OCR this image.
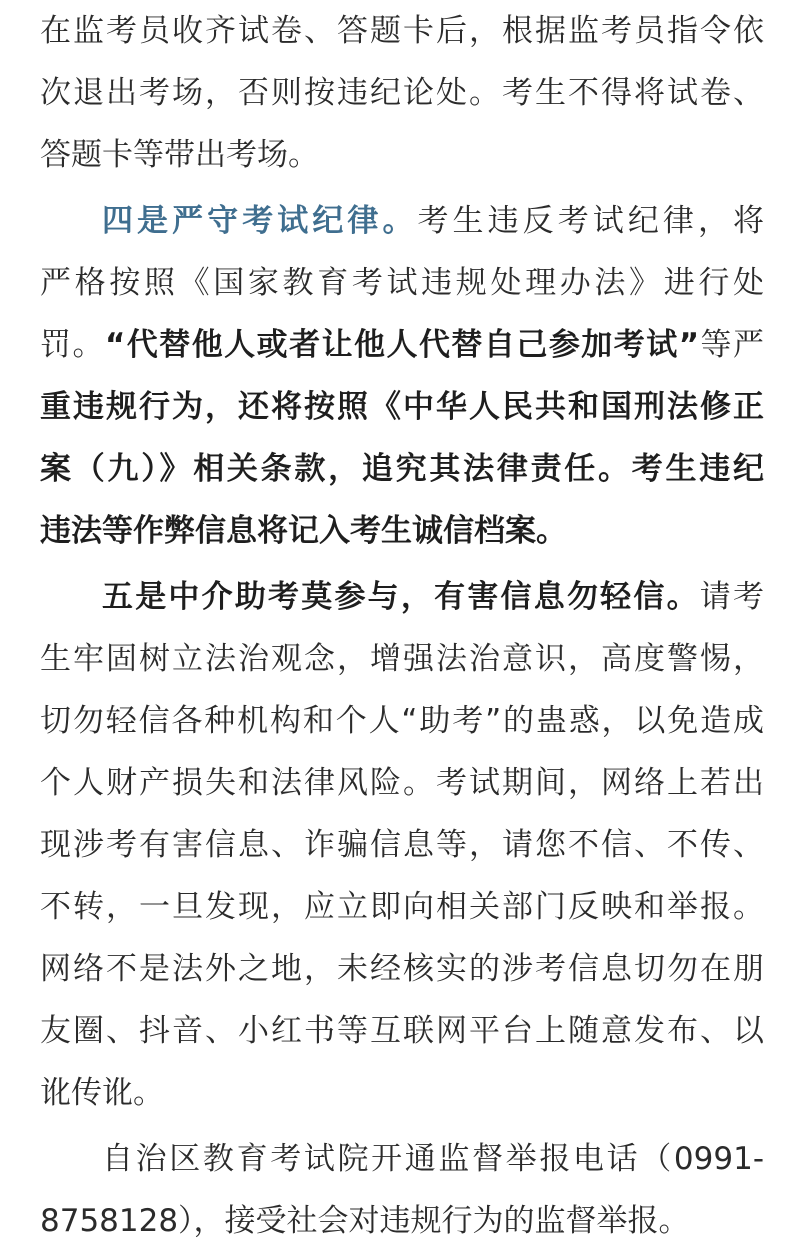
在监考员收齐试卷、答题卡后，根据监考员指令依
次退出考场，否则按违纪论处。考生不得将试卷、
答题卡等带出考场。
四是严守考试纪律。考生违反考试纪律，将
严格按照《国家教育考试违规处理办法》进行处
罚。“代替他人或者让他人代替自己参加考试”等严
重违规行为，还将按照《中华人民共和国刑法修正
案（九）》相关条款，追究其法律责任。考生违纪
违法等作弊信息将记入考生诚信档案。
五是中介助考莫参与，有害信息勿轻信。请考
生牢固树立法治观念，增强法治意识，高度警惕，
切勿轻信各种机构和个人“助考”的蛊惑，以免造成
个人财产损失和法律风险。考试期间，网络上若出
现涉考有害信息、诈骗信息等，请您不信、不传、
不转，一旦发现，应立即向相关部门反映和举报。
网络不是法外之地，未经核实的涉考信息切勿在朋
友圈、抖音、小红书等互联网平台上随意发布、以
讹传讹。
自治区教育考试院开通监督举报电话（0991-
8758128），接受社会对违规行为的监督举报。
